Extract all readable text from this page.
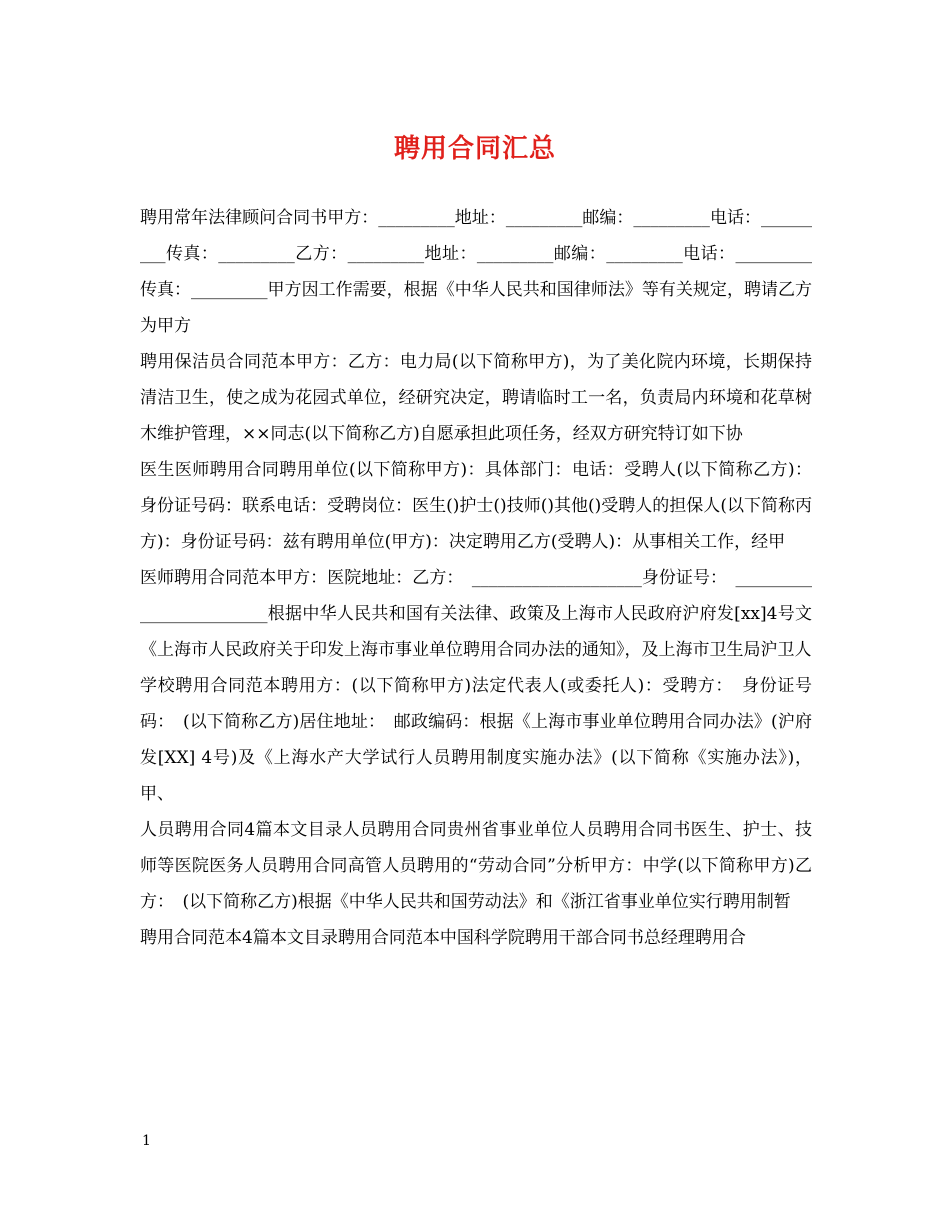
聘用合同汇总

聘用常年法律顾问合同书甲方：_________地址：_________邮编：_________电话：_________传真：_________乙方：_________地址：_________邮编：_________电话：_________传真：_________甲方因工作需要，根据《中华人民共和国律师法》等有关规定，聘请乙方为甲方

聘用保洁员合同范本甲方：乙方：电力局(以下简称甲方)，为了美化院内环境，长期保持清洁卫生，使之成为花园式单位，经研究决定，聘请临时工一名，负责局内环境和花草树木维护管理，××同志(以下简称乙方)自愿承担此项任务，经双方研究特订如下协

医生医师聘用合同聘用单位(以下简称甲方)：具体部门：电话：受聘人(以下简称乙方)：身份证号码：联系电话：受聘岗位：医生()护士()技师()其他()受聘人的担保人(以下简称丙方)：身份证号码：兹有聘用单位(甲方)：决定聘用乙方(受聘人)：从事相关工作，经甲

医师聘用合同范本甲方：医院地址：乙方：　____________________身份证号：　________________________根据中华人民共和国有关法律、政策及上海市人民政府沪府发[xx]4号文《上海市人民政府关于印发上海市事业单位聘用合同办法的通知》，及上海市卫生局沪卫人

学校聘用合同范本聘用方：(以下简称甲方)法定代表人(或委托人)：受聘方：　身份证号码：　(以下简称乙方)居住地址：　邮政编码：根据《上海市事业单位聘用合同办法》(沪府发[XX] 4号)及《上海水产大学试行人员聘用制度实施办法》(以下简称《实施办法》)，甲、

人员聘用合同4篇本文目录人员聘用合同贵州省事业单位人员聘用合同书医生、护士、技师等医院医务人员聘用合同高管人员聘用的“劳动合同”分析甲方：中学(以下简称甲方)乙方：　(以下简称乙方)根据《中华人民共和国劳动法》和《浙江省事业单位实行聘用制暂

聘用合同范本4篇本文目录聘用合同范本中国科学院聘用干部合同书总经理聘用合

1
